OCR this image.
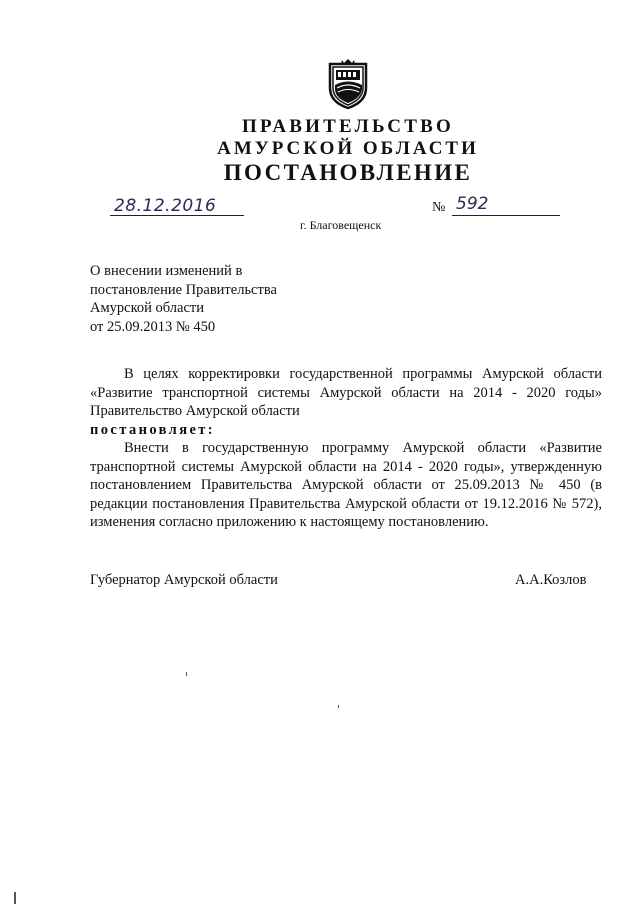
ПРАВИТЕЛЬСТВО
АМУРСКОЙ ОБЛАСТИ
ПОСТАНОВЛЕНИЕ
28.12.2016	№ 592
г. Благовещенск
О внесении изменений в
постановление Правительства
Амурской области
от 25.09.2013 № 450

В целях корректировки государственной программы Амурской области «Развитие транспортной системы Амурской области на 2014 - 2020 годы» Правительство Амурской области

постановляет:

Внести в государственную программу Амурской области «Развитие транспортной системы Амурской области на 2014 - 2020 годы», утвержденную постановлением Правительства Амурской области от 25.09.2013 № 450 (в редакции постановления Правительства Амурской области от 19.12.2016 № 572), изменения согласно приложению к настоящему постановлению.

Губернатор Амурской области	А.А.Козлов
